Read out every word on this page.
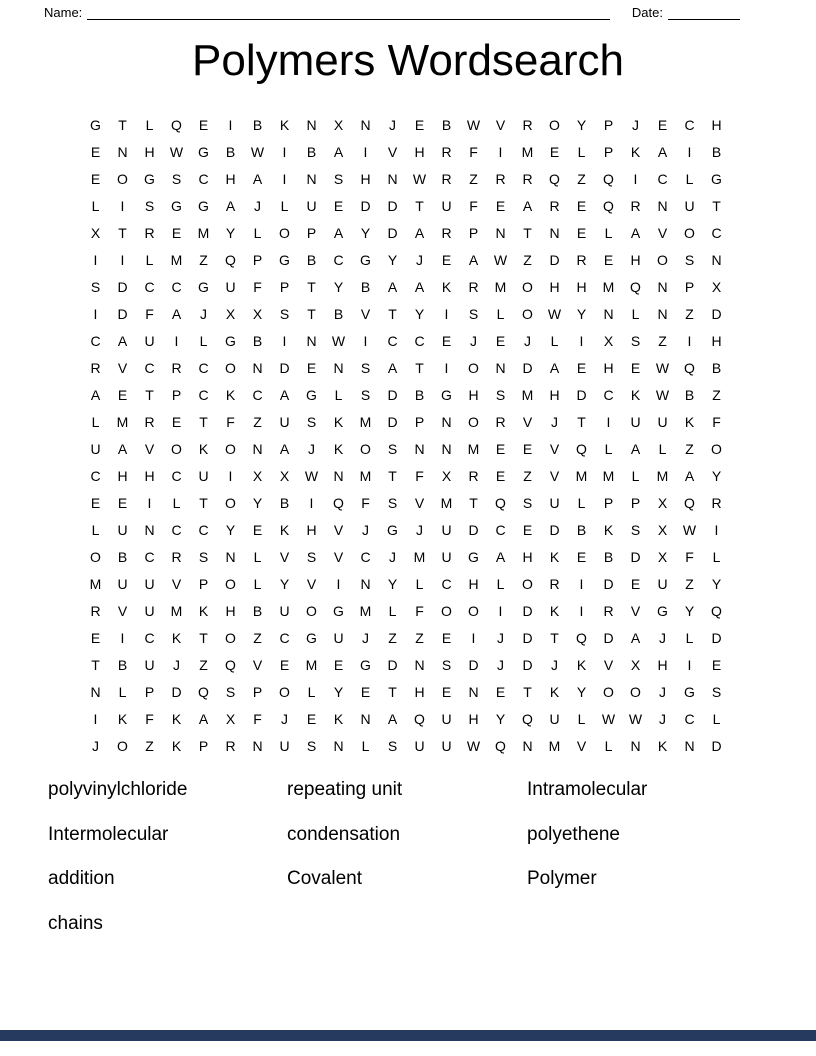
Name:	Date:
Polymers Wordsearch
G	T	L	Q	E	I	B	K	N	X	N	J	E	B	W	V	R	O	Y	P	J	E	C	H
E	N	H	W	G	B	W	I	B	A	I	V	H	R	F	I	M	E	L	P	K	A	I	B
E	O	G	S	C	H	A	I	N	S	H	N	W	R	Z	R	R	Q	Z	Q	I	C	L	G
L	I	S	G	G	A	J	L	U	E	D	D	T	U	F	E	A	R	E	Q	R	N	U	T
X	T	R	E	M	Y	L	O	P	A	Y	D	A	R	P	N	T	N	E	L	A	V	O	C
I	I	L	M	Z	Q	P	G	B	C	G	Y	J	E	A	W	Z	D	R	E	H	O	S	N
S	D	C	C	G	U	F	P	T	Y	B	A	A	K	R	M	O	H	H	M	Q	N	P	X
I	D	F	A	J	X	X	S	T	B	V	T	Y	I	S	L	O	W	Y	N	L	N	Z	D
C	A	U	I	L	G	B	I	N	W	I	C	C	E	J	E	J	L	I	X	S	Z	I	H
R	V	C	R	C	O	N	D	E	N	S	A	T	I	O	N	D	A	E	H	E	W	Q	B
A	E	T	P	C	K	C	A	G	L	S	D	B	G	H	S	M	H	D	C	K	W	B	Z
L	M	R	E	T	F	Z	U	S	K	M	D	P	N	O	R	V	J	T	I	U	U	K	F
U	A	V	O	K	O	N	A	J	K	O	S	N	N	M	E	E	V	Q	L	A	L	Z	O
C	H	H	C	U	I	X	X	W	N	M	T	F	X	R	E	Z	V	M	M	L	M	A	Y
E	E	I	L	T	O	Y	B	I	Q	F	S	V	M	T	Q	S	U	L	P	P	X	Q	R
L	U	N	C	C	Y	E	K	H	V	J	G	J	U	D	C	E	D	B	K	S	X	W	I
O	B	C	R	S	N	L	V	S	V	C	J	M	U	G	A	H	K	E	B	D	X	F	L
M	U	U	V	P	O	L	Y	V	I	N	Y	L	C	H	L	O	R	I	D	E	U	Z	Y
R	V	U	M	K	H	B	U	O	G	M	L	F	O	O	I	D	K	I	R	V	G	Y	Q
E	I	C	K	T	O	Z	C	G	U	J	Z	Z	E	I	J	D	T	Q	D	A	J	L	D
T	B	U	J	Z	Q	V	E	M	E	G	D	N	S	D	J	D	J	K	V	X	H	I	E
N	L	P	D	Q	S	P	O	L	Y	E	T	H	E	N	E	T	K	Y	O	O	J	G	S
I	K	F	K	A	X	F	J	E	K	N	A	Q	U	H	Y	Q	U	L	W W	J	C	L
J	O	Z	K	P	R	N	U	S	N	L	S	U	U	W	Q	N	M	V	L	N	K	N	D
polyvinylchloride
Intermolecular
addition
chains
repeating unit
condensation
Covalent
Intramolecular
polyethene
Polymer
